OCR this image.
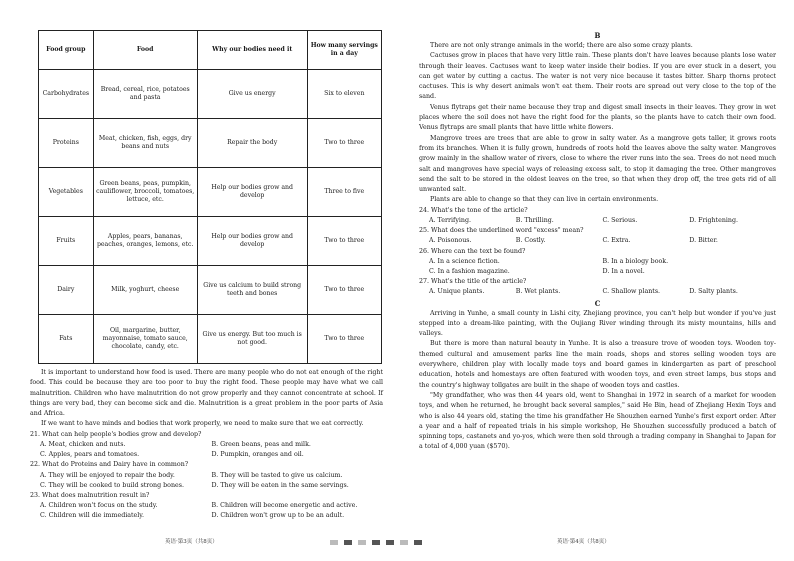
Food group	Food	Why our bodies need it	How many servings in a day
Carbohydrates	Bread, cereal, rice, potatoes and pasta	Give us energy	Six to eleven
Proteins	Meat, chicken, fish, eggs, dry beans and nuts	Repair the body	Two to three
Vegetables	Green beans, peas, pumpkin, cauliflower, broccoli, tomatoes, lettuce, etc.	Help our bodies grow and develop	Three to five
Fruits	Apples, pears, bananas, peaches, oranges, lemons, etc.	Help our bodies grow and develop	Two to three
Dairy	Milk, yoghurt, cheese	Give us calcium to build strong teeth and bones	Two to three
Fats	Oil, margarine, butter, mayonnaise, tomato sauce, chocolate, candy, etc.	Give us energy. But too much is not good.	Two to three

It is important to understand how food is used. There are many people who do not eat enough of the right food. This could be because they are too poor to buy the right food. These people may have what we call malnutrition. Children who have malnutrition do not grow properly and they cannot concentrate at school. If things are very bad, they can become sick and die. Malnutrition is a great problem in the poor parts of Asia and Africa.

If we want to have minds and bodies that work properly, we need to make sure that we eat correctly.

21. What can help people's bodies grow and develop?

A. Meat, chicken and nuts.	B. Green beans, peas and milk.
C. Apples, pears and tomatoes.	D. Pumpkin, oranges and oil.

22. What do Proteins and Dairy have in common?

A. They will be enjoyed to repair the body.	B. They will be tasted to give us calcium.
C. They will be cooked to build strong bones.	D. They will be eaten in the same servings.

23. What does malnutrition result in?

A. Children won't focus on the study.	B. Children will become energetic and active.
C. Children will die immediately.	D. Children won't grow up to be an adult.
英语·第3页（共8页）

B

There are not only strange animals in the world; there are also some crazy plants.

Cactuses grow in places that have very little rain. These plants don't have leaves because plants lose water through their leaves. Cactuses want to keep water inside their bodies. If you are ever stuck in a desert, you can get water by cutting a cactus. The water is not very nice because it tastes bitter. Sharp thorns protect cactuses. This is why desert animals won't eat them. Their roots are spread out very close to the top of the sand.

Venus flytraps get their name because they trap and digest small insects in their leaves. They grow in wet places where the soil does not have the right food for the plants, so the plants have to catch their own food. Venus flytraps are small plants that have little white flowers.

Mangrove trees are trees that are able to grow in salty water. As a mangrove gets taller, it grows roots from its branches. When it is fully grown, hundreds of roots hold the leaves above the salty water. Mangroves grow mainly in the shallow water of rivers, close to where the river runs into the sea. Trees do not need much salt and mangroves have special ways of releasing excess salt, to stop it damaging the tree. Other mangroves send the salt to be stored in the oldest leaves on the tree, so that when they drop off, the tree gets rid of all unwanted salt.

Plants are able to change so that they can live in certain environments.

24. What's the tone of the article?

A. Terrifying.	B. Thrilling.	C. Serious.	D. Frightening.

25. What does the underlined word "excess" mean?

A. Poisonous.	B. Costly.	C. Extra.	D. Bitter.

26. Where can the text be found?

A. In a science fiction.	B. In a biology book.
C. In a fashion magazine.	D. In a novel.

27. What's the title of the article?

A. Unique plants.	B. Wet plants.	C. Shallow plants.	D. Salty plants.

C

Arriving in Yunhe, a small county in Lishi city, Zhejiang province, you can't help but wonder if you've just stepped into a dream-like painting, with the Oujiang River winding through its misty mountains, hills and valleys.

But there is more than natural beauty in Yunhe. It is also a treasure trove of wooden toys. Wooden toy-themed cultural and amusement parks line the main roads, shops and stores selling wooden toys are everywhere, children play with locally made toys and board games in kindergarten as part of preschool education, hotels and homestays are often featured with wooden toys, and even street lamps, bus stops and the country's highway tollgates are built in the shape of wooden toys and castles.

"My grandfather, who was then 44 years old, went to Shanghai in 1972 in search of a market for wooden toys, and when he returned, he brought back several samples," said He Bin, head of Zhejiang Hexin Toys and who is also 44 years old, stating the time his grandfather He Shouzhen earned Yunhe's first export order. After a year and a half of repeated trials in his simple workshop, He Shouzhen successfully produced a batch of spinning tops, castanets and yo-yos, which were then sold through a trading company in Shanghai to Japan for a total of 4,000 yuan ($570).

英语·第4页（共8页）
